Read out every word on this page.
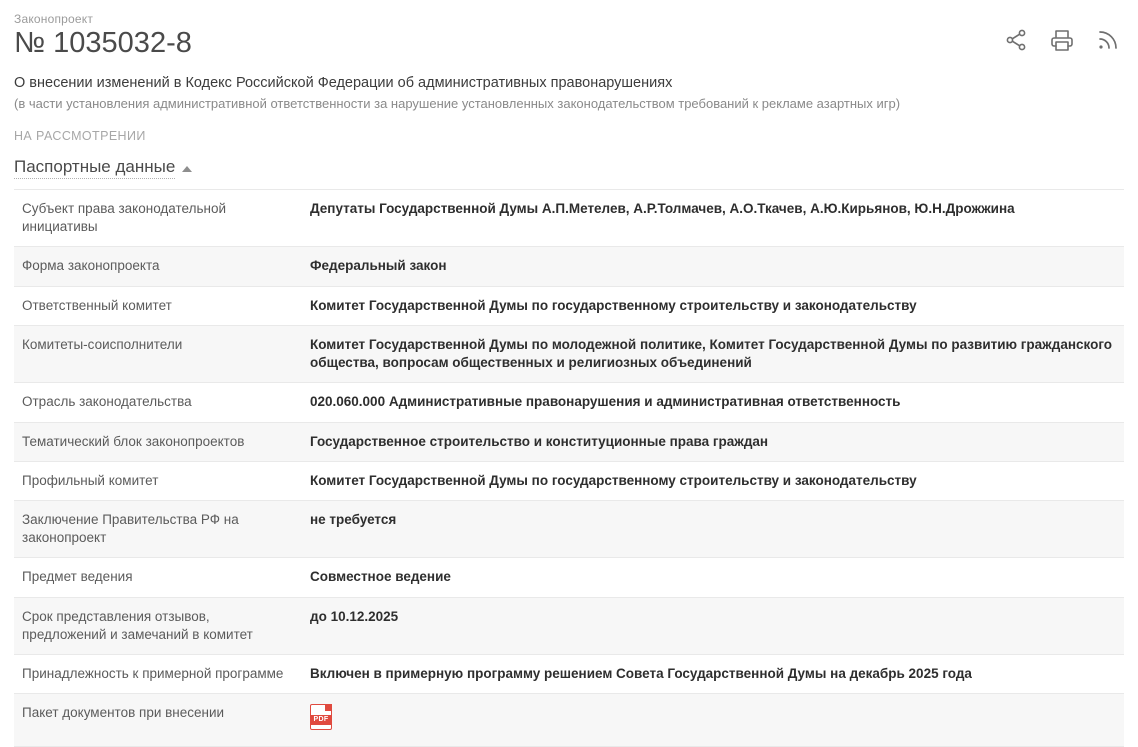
Законопроект
№ 1035032-8
О внесении изменений в Кодекс Российской Федерации об административных правонарушениях
(в части установления административной ответственности за нарушение установленных законодательством требований к рекламе азартных игр)
НА РАССМОТРЕНИИ
Паспортные данные
Субъект права законодательной инициативы	Депутаты Государственной Думы А.П.Метелев, А.Р.Толмачев, А.О.Ткачев, А.Ю.Кирьянов, Ю.Н.Дрожжина
Форма законопроекта	Федеральный закон
Ответственный комитет	Комитет Государственной Думы по государственному строительству и законодательству
Комитеты-соисполнители	Комитет Государственной Думы по молодежной политике, Комитет Государственной Думы по развитию гражданского общества, вопросам общественных и религиозных объединений
Отрасль законодательства	020.060.000 Административные правонарушения и административная ответственность
Тематический блок законопроектов	Государственное строительство и конституционные права граждан
Профильный комитет	Комитет Государственной Думы по государственному строительству и законодательству
Заключение Правительства РФ на законопроект	не требуется
Предмет ведения	Совместное ведение
Срок представления отзывов, предложений и замечаний в комитет	до 10.12.2025
Принадлежность к примерной программе	Включен в примерную программу решением Совета Государственной Думы на декабрь 2025 года
Пакет документов при внесении	PDF
